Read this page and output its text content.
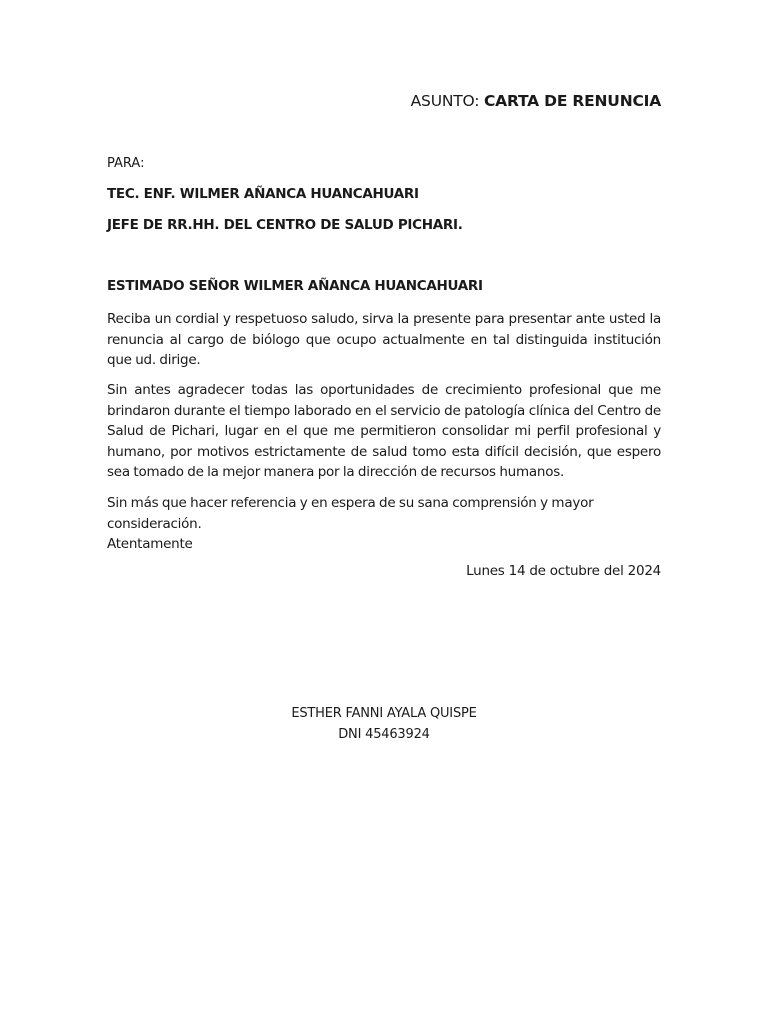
ASUNTO: CARTA DE RENUNCIA
PARA:
TEC. ENF. WILMER AÑANCA HUANCAHUARI
JEFE DE RR.HH. DEL CENTRO DE SALUD PICHARI.
ESTIMADO SEÑOR WILMER AÑANCA HUANCAHUARI
Reciba un cordial y respetuoso saludo, sirva la presente para presentar ante usted la renuncia al cargo de biólogo que ocupo actualmente en tal distinguida institución que ud. dirige.
Sin antes agradecer todas las oportunidades de crecimiento profesional que me brindaron durante el tiempo laborado en el servicio de patología clínica del Centro de Salud de Pichari, lugar en el que me permitieron consolidar mi perfil profesional y humano, por motivos estrictamente de salud tomo esta difícil decisión, que espero sea tomado de la mejor manera por la dirección de recursos humanos.
Sin más que hacer referencia y en espera de su sana comprensión y mayor consideración.
Atentamente
Lunes 14 de octubre del 2024
ESTHER FANNI AYALA QUISPE
DNI 45463924
